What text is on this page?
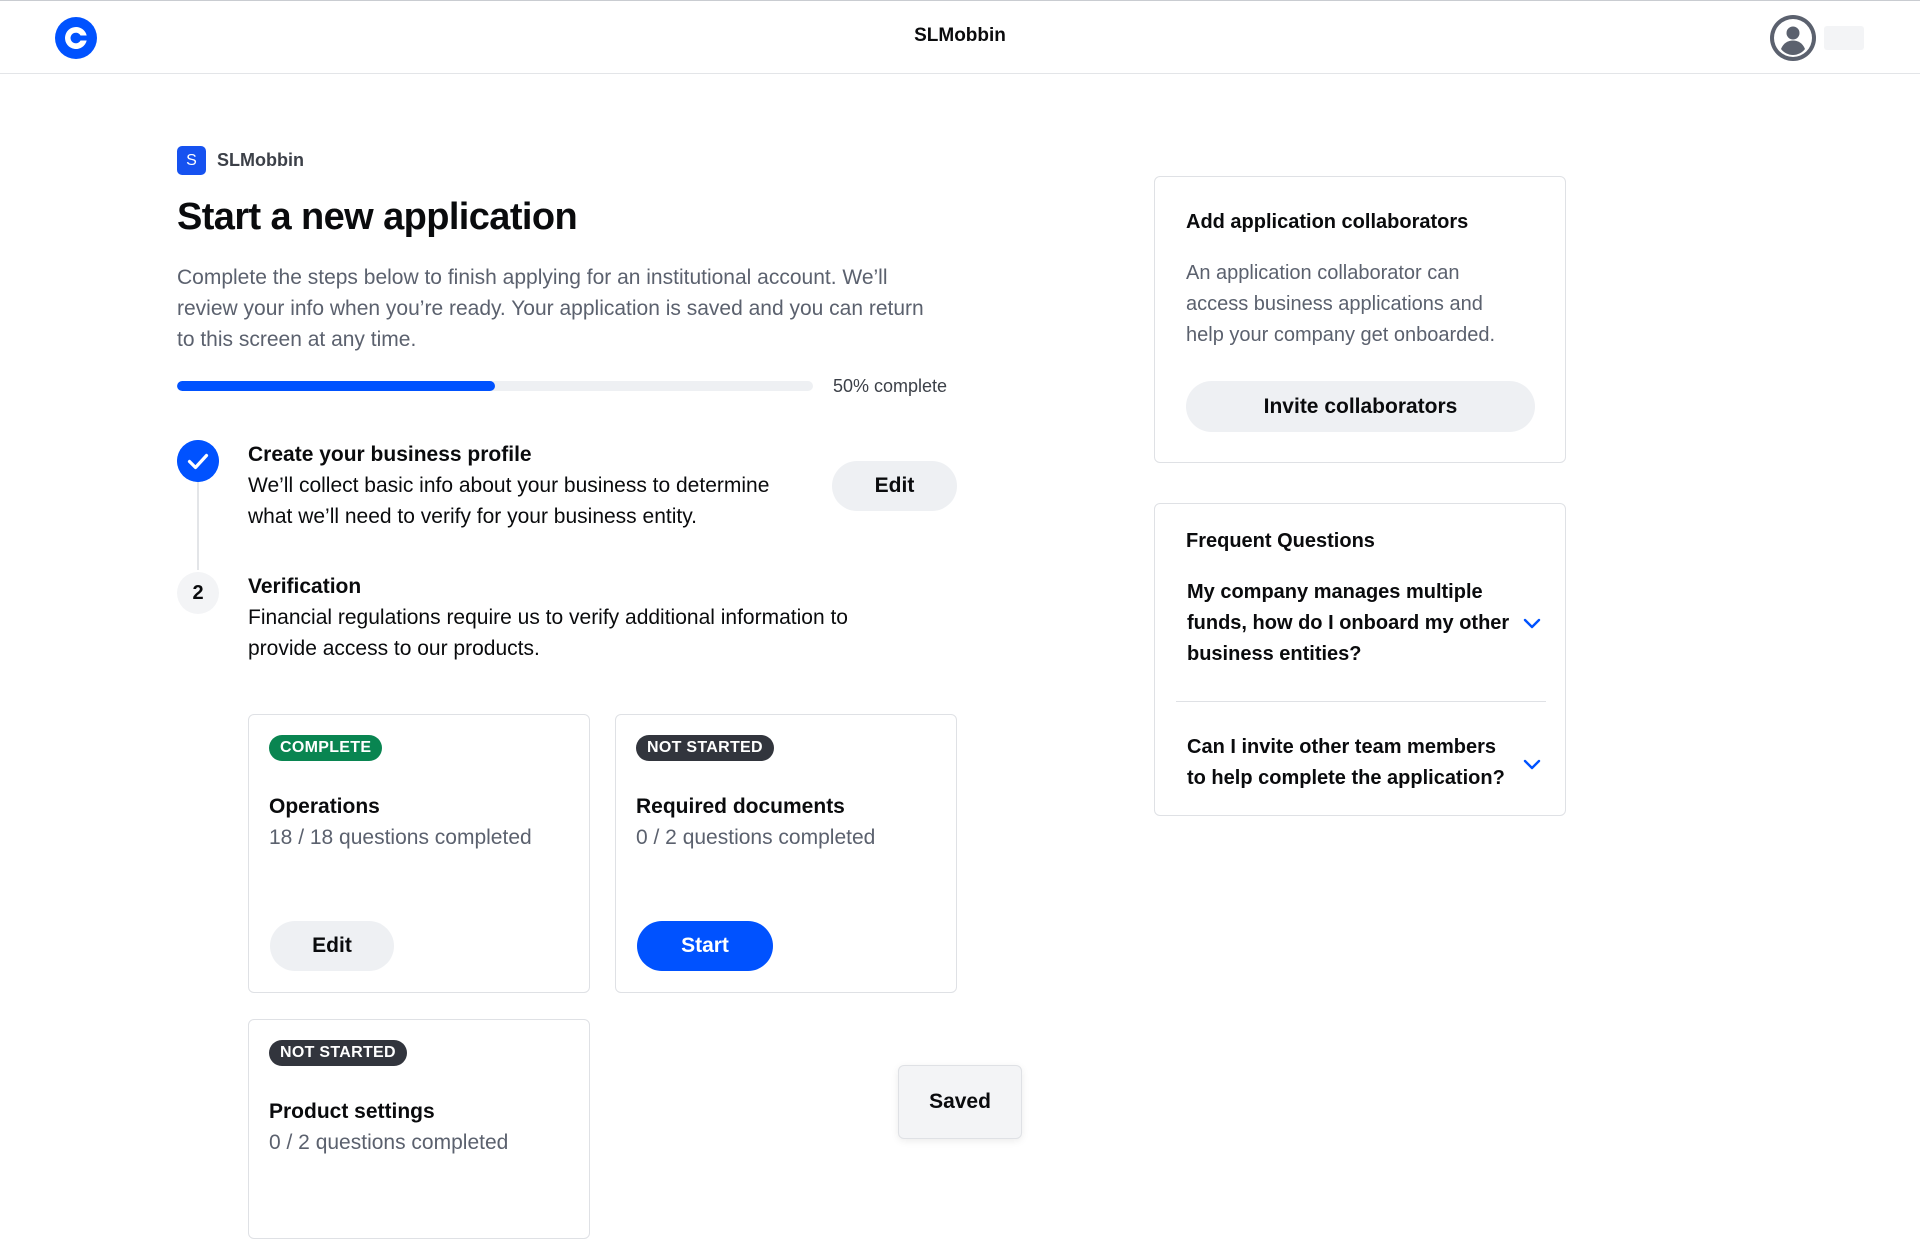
SLMobbin
S	SLMobbin
Start a new application
Complete the steps below to finish applying for an institutional account. We’ll
review your info when you’re ready. Your application is saved and you can return
to this screen at any time.
50% complete
Create your business profile
We’ll collect basic info about your business to determine
what we’ll need to verify for your business entity.
Edit
2	Verification
Financial regulations require us to verify additional information to
provide access to our products.
COMPLETE
Operations
18 / 18 questions completed
Edit
NOT STARTED
Required documents
0 / 2 questions completed
Start
NOT STARTED
Product settings
0 / 2 questions completed
Saved
Add application collaborators
An application collaborator can
access business applications and
help your company get onboarded.
Invite collaborators
Frequent Questions
My company manages multiple
funds, how do I onboard my other
business entities?
Can I invite other team members
to help complete the application?
